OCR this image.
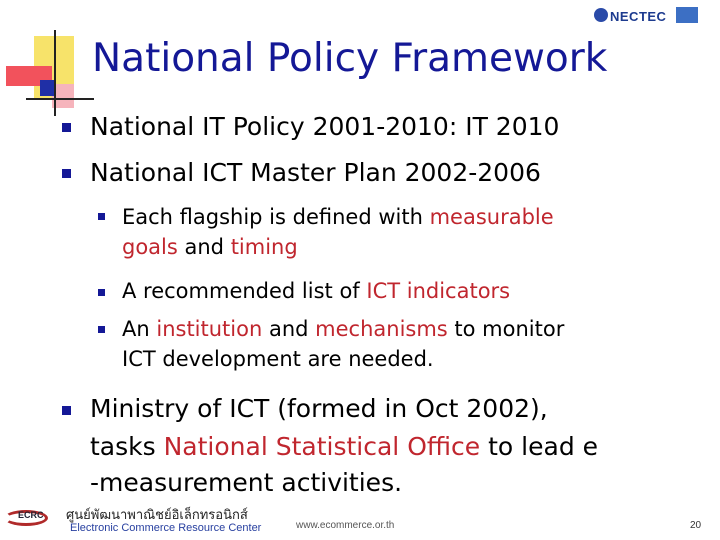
NECTEC
National Policy Framework
National IT Policy 2001-2010: IT 2010
National ICT Master Plan 2002-2006
Each flagship is defined with measurable
goals and timing
A recommended list of ICT indicators
An institution and mechanisms to monitor
ICT development are needed.
Ministry of ICT (formed in Oct 2002),
tasks National Statistical Office to lead e
-measurement activities.
ECRC ศูนย์พัฒนาพาณิชย์อิเล็กทรอนิกส์
Electronic Commerce Resource Center	www.ecommerce.or.th	20
